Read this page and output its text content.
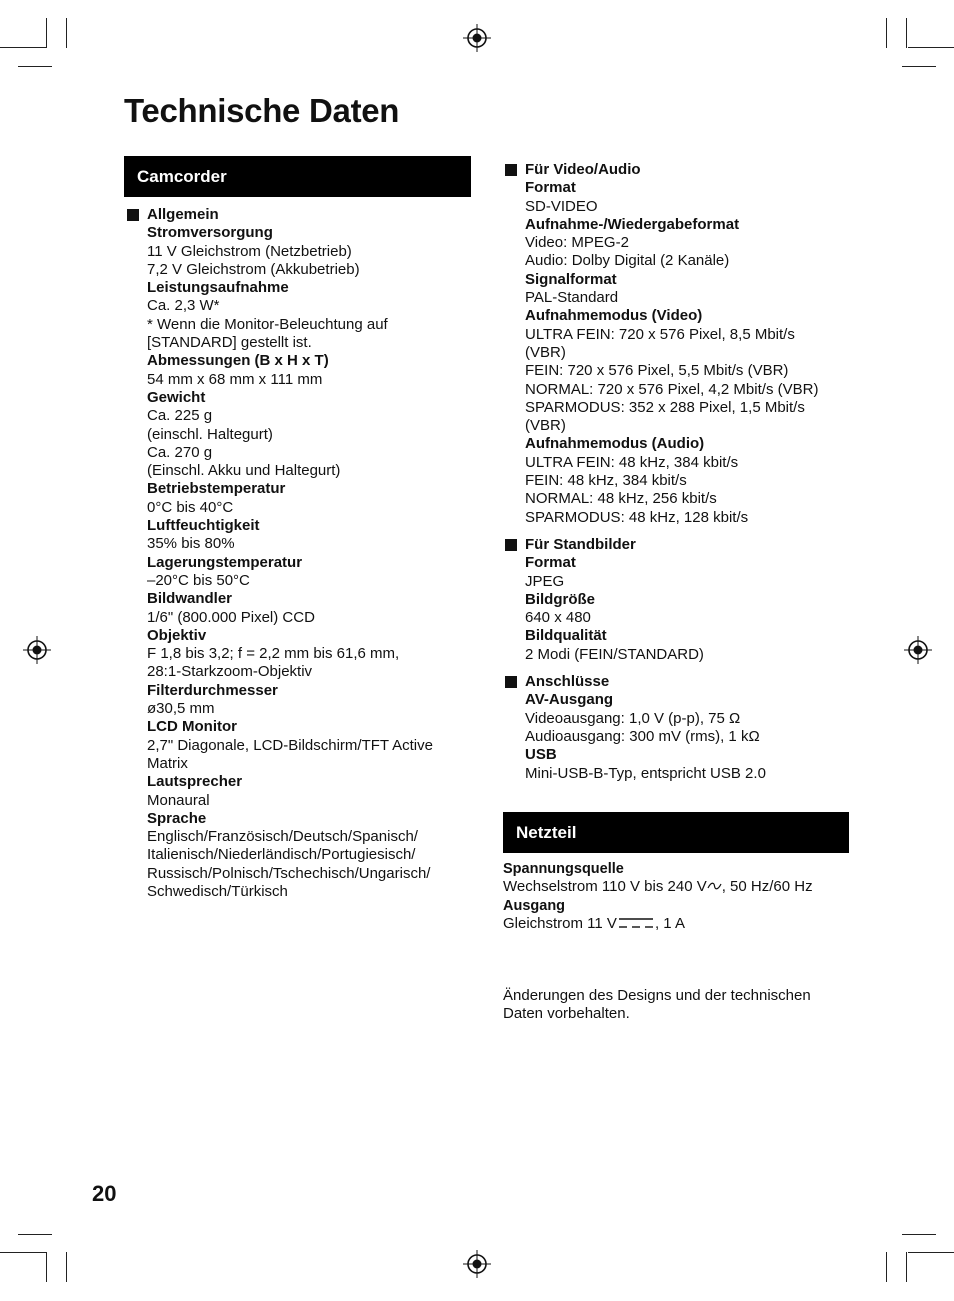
Technische Daten
Camcorder
Allgemein
Stromversorgung
11 V Gleichstrom (Netzbetrieb)
7,2 V Gleichstrom (Akkubetrieb)
Leistungsaufnahme
Ca. 2,3 W*
* Wenn die Monitor-Beleuchtung auf
[STANDARD] gestellt ist.
Abmessungen (B x H x T)
54 mm x 68 mm x 111 mm
Gewicht
Ca. 225 g
(einschl. Haltegurt)
Ca. 270 g
(Einschl. Akku und Haltegurt)
Betriebstemperatur
0°C bis 40°C
Luftfeuchtigkeit
35% bis 80%
Lagerungstemperatur
–20°C bis 50°C
Bildwandler
1/6" (800.000 Pixel) CCD
Objektiv
F 1,8 bis 3,2; f = 2,2 mm bis 61,6 mm,
28:1-Starkzoom-Objektiv
Filterdurchmesser
ø30,5 mm
LCD Monitor
2,7" Diagonale, LCD-Bildschirm/TFT Active
Matrix
Lautsprecher
Monaural
Sprache
Englisch/Französisch/Deutsch/Spanisch/
Italienisch/Niederländisch/Portugiesisch/
Russisch/Polnisch/Tschechisch/Ungarisch/
Schwedisch/Türkisch
Für Video/Audio
Format
SD-VIDEO
Aufnahme-/Wiedergabeformat
Video: MPEG-2
Audio: Dolby Digital (2 Kanäle)
Signalformat
PAL-Standard
Aufnahmemodus (Video)
ULTRA FEIN: 720 x 576 Pixel, 8,5 Mbit/s
(VBR)
FEIN: 720 x 576 Pixel, 5,5 Mbit/s (VBR)
NORMAL: 720 x 576 Pixel, 4,2 Mbit/s (VBR)
SPARMODUS: 352 x 288 Pixel, 1,5 Mbit/s
(VBR)
Aufnahmemodus (Audio)
ULTRA FEIN: 48 kHz, 384 kbit/s
FEIN: 48 kHz, 384 kbit/s
NORMAL: 48 kHz, 256 kbit/s
SPARMODUS: 48 kHz, 128 kbit/s
Für Standbilder
Format
JPEG
Bildgröße
640 x 480
Bildqualität
2 Modi (FEIN/STANDARD)
Anschlüsse
AV-Ausgang
Videoausgang: 1,0 V (p-p), 75 Ω
Audioausgang: 300 mV (rms), 1 kΩ
USB
Mini-USB-B-Typ, entspricht USB 2.0
Netzteil
Spannungsquelle
Wechselstrom 110 V bis 240 V , 50 Hz/60 Hz
Ausgang
Gleichstrom 11 V	, 1 A
Änderungen des Designs und der technischen
Daten vorbehalten.
20
